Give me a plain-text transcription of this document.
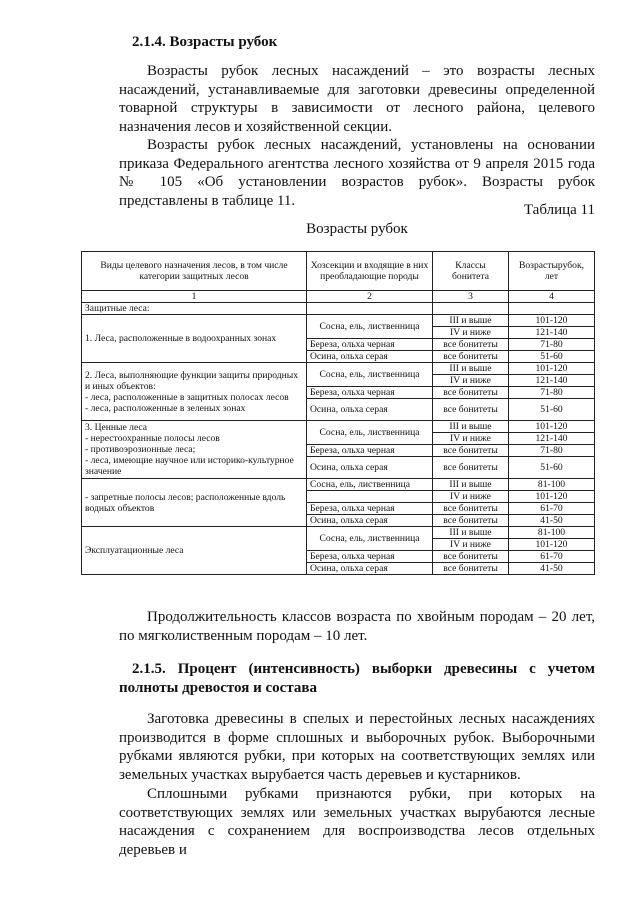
2.1.4. Возрасты рубок

Возрасты рубок лесных насаждений – это возрасты лесных насаждений, устанавливаемые для заготовки древесины определенной товарной структуры в зависимости от лесного района, целевого назначения лесов и хозяйственной секции.

Возрасты рубок лесных насаждений, установлены на основании приказа Федерального агентства лесного хозяйства от 9 апреля 2015 года № 105 «Об установлении возрастов рубок». Возрасты рубок представлены в таблице 11.

Таблица 11
Возрасты рубок
Виды целевого назначения лесов, в том числе категории защитных лесов	Хозсекции и входящие в них преобладающие породы	Классы бонитета	Возрастырубок, лет
1	2	3	4
Защитные леса:			
1. Леса, расположенные в водоохранных зонах	Сосна, ель, лиственница	III и выше	101-120
		IV и ниже	121-140
	Береза, ольха черная	все бонитеты	71-80
	Осина, ольха серая	все бонитеты	51-60

2. Леса, выполняющие функции защиты природных и иных объектов:
- леса, расположенные в защитных полосах лесов
- леса, расположенные в зеленых зонах	Сосна, ель, лиственница	III и выше	101-120
		IV и ниже	121-140
	Береза, ольха черная	все бонитеты	71-80
	Осина, ольха серая	все бонитеты	51-60

3. Ценные леса
- нерестоохранные полосы лесов
- противоэрозионные леса;
- леса, имеющие научное или историко-культурное значение	Сосна, ель, лиственница	III и выше	101-120
		IV и ниже	121-140
	Береза, ольха черная	все бонитеты	71-80
	Осина, ольха серая	все бонитеты	51-60
- запретные полосы лесов; расположенные вдоль водных объектов	Сосна, ель, лиственница	III и выше	81-100
		IV и ниже	101-120
	Береза, ольха черная	все бонитеты	61-70
	Осина, ольха серая	все бонитеты	41-50
Эксплуатационные леса	Сосна, ель, лиственница	III и выше	81-100
		IV и ниже	101-120
	Береза, ольха черная	все бонитеты	61-70
	Осина, ольха серая	все бонитеты	41-50

Продолжительность классов возраста по хвойным породам – 20 лет, по мягколиственным породам – 10 лет.

2.1.5. Процент (интенсивность) выборки древесины с учетом полноты древостоя и состава

Заготовка древесины в спелых и перестойных лесных насаждениях производится в форме сплошных и выборочных рубок. Выборочными рубками являются рубки, при которых на соответствующих землях или земельных участках вырубается часть деревьев и кустарников.

Сплошными рубками признаются рубки, при которых на соответствующих землях или земельных участках вырубаются лесные насаждения с сохранением для воспроизводства лесов отдельных деревьев и
